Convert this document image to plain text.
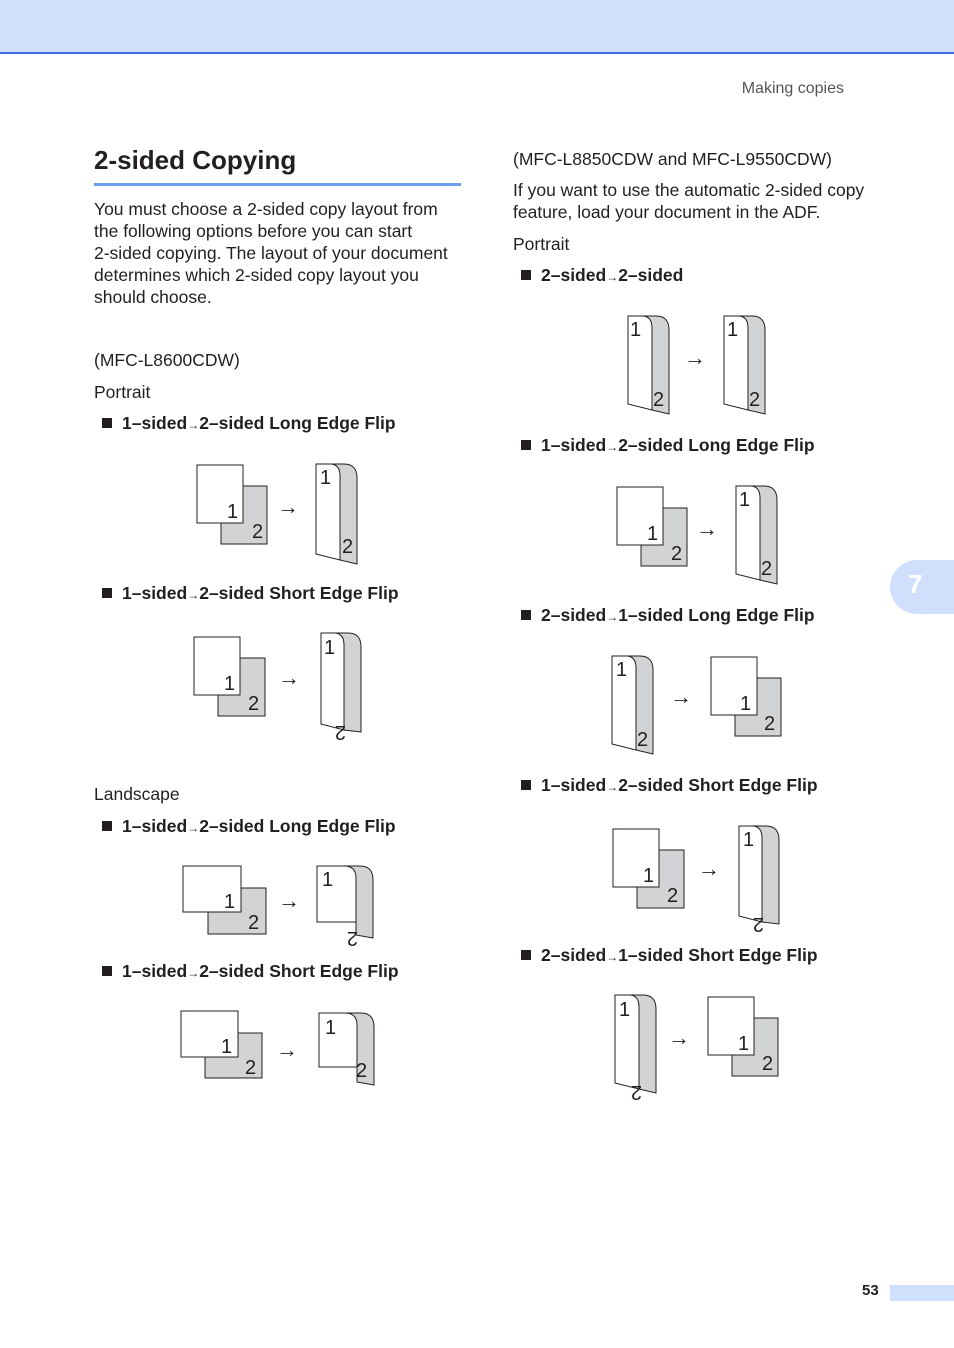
Making copies
2-sided Copying
You must choose a 2-sided copy layout from
the following options before you can start
2-sided copying. The layout of your document
determines which 2-sided copy layout you
should choose.

(MFC-L8600CDW)

Portrait

1–sided→2–sided Long Edge Flip
2
1 →
1
2
1–sided→2–sided Short Edge Flip
2
1 →
1
2

Landscape

1–sided→2–sided Long Edge Flip
2
1 →
1
2
1–sided→2–sided Short Edge Flip
2
1 →
1
2

(MFC-L8850CDW and MFC-L9550CDW)

If you want to use the automatic 2-sided copy
feature, load your document in the ADF.

Portrait

2–sided→2–sided
1
2
→
1
2
1–sided→2–sided Long Edge Flip
2
1 →
1
2
2–sided→1–sided Long Edge Flip
1
2
→
2
1
1–sided→2–sided Short Edge Flip
2
1 →
1
2
2–sided→1–sided Short Edge Flip
1
2
→
2
1
7
53
